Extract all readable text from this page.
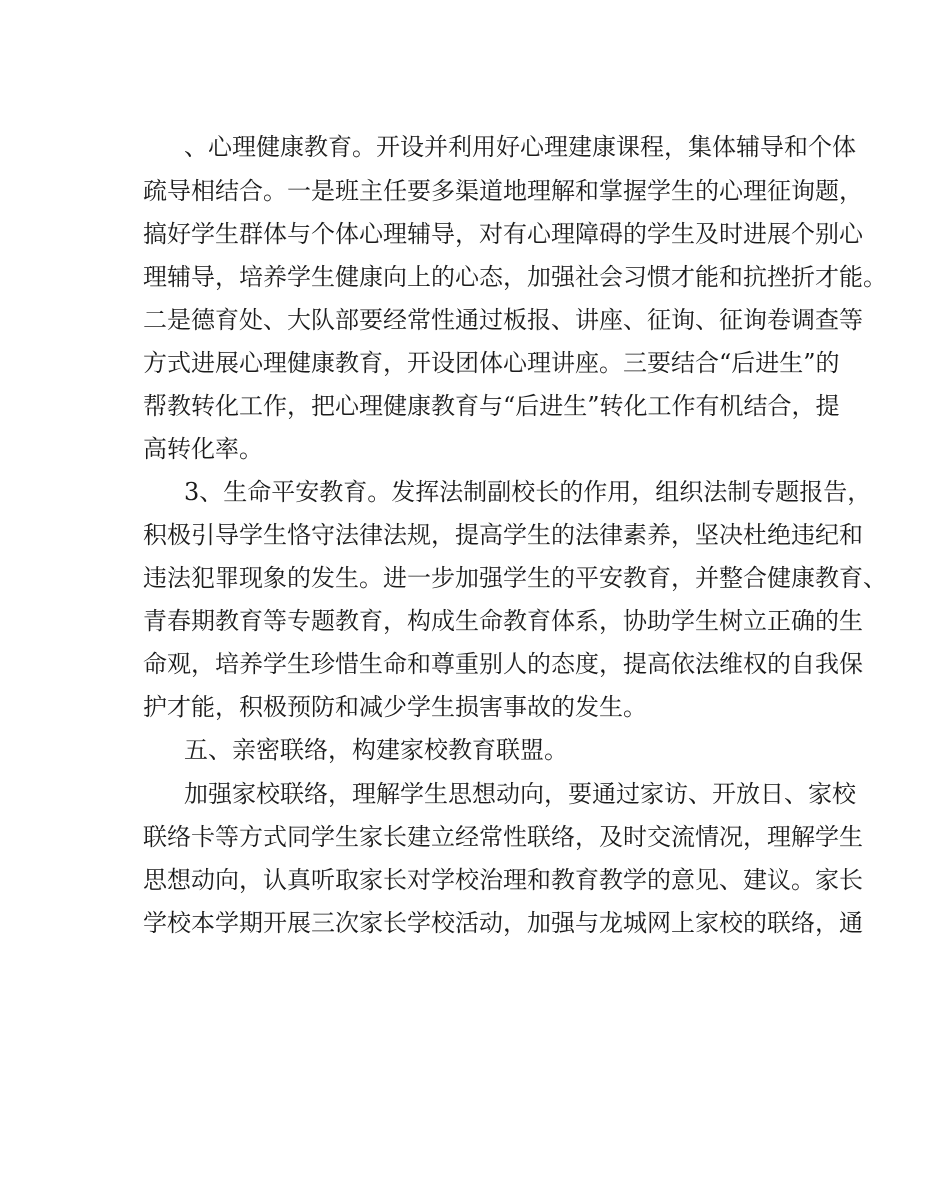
、心理健康教育。开设并利用好心理建康课程，集体辅导和个体
疏导相结合。一是班主任要多渠道地理解和掌握学生的心理征询题，
搞好学生群体与个体心理辅导，对有心理障碍的学生及时进展个别心
理辅导，培养学生健康向上的心态，加强社会习惯才能和抗挫折才能。
二是德育处、大队部要经常性通过板报、讲座、征询、征询卷调查等
方式进展心理健康教育，开设团体心理讲座。三要结合“后进生”的
帮教转化工作，把心理健康教育与“后进生”转化工作有机结合，提
高转化率。
3、生命平安教育。发挥法制副校长的作用，组织法制专题报告，
积极引导学生恪守法律法规，提高学生的法律素养，坚决杜绝违纪和
违法犯罪现象的发生。进一步加强学生的平安教育，并整合健康教育、
青春期教育等专题教育，构成生命教育体系，协助学生树立正确的生
命观，培养学生珍惜生命和尊重别人的态度，提高依法维权的自我保
护才能，积极预防和减少学生损害事故的发生。
五、亲密联络，构建家校教育联盟。
加强家校联络，理解学生思想动向，要通过家访、开放日、家校
联络卡等方式同学生家长建立经常性联络，及时交流情况，理解学生
思想动向，认真听取家长对学校治理和教育教学的意见、建议。家长
学校本学期开展三次家长学校活动，加强与龙城网上家校的联络，通
